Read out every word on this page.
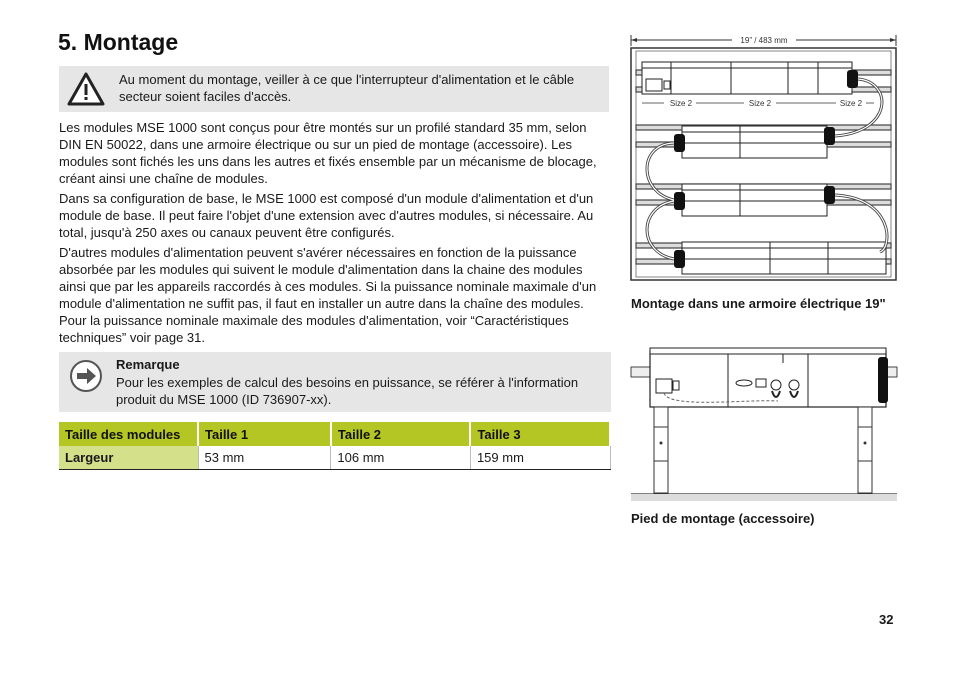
5. Montage
Au moment du montage, veiller à ce que l'interrupteur d'alimentation et le câble secteur soient faciles d'accès.

Les modules MSE 1000 sont conçus pour être montés sur un profilé standard 35 mm, selon DIN EN 50022, dans une armoire électrique ou sur un pied de montage (accessoire). Les modules sont fichés les uns dans les autres et fixés ensemble par un mécanisme de blocage, créant ainsi une chaîne de modules.

Dans sa configuration de base, le MSE 1000 est composé d'un module d'alimentation et d'un module de base. Il peut faire l'objet d'une extension avec d'autres modules, si nécessaire. Au total, jusqu'à 250 axes ou canaux peuvent être configurés.

D'autres modules d'alimentation peuvent s'avérer nécessaires en fonction de la puissance absorbée par les modules qui suivent le module d'alimentation dans la chaine des modules ainsi que par les appareils raccordés à ces modules. Si la puissance nominale maximale d'un module d'alimentation ne suffit pas, il faut en installer un autre dans la chaîne des modules. Pour la puissance nominale maximale des modules d'alimentation, voir “Caractéristiques techniques” voir page 31.

Remarque
Pour les exemples de calcul des besoins en puissance, se référer à l'information produit du MSE 1000 (ID 736907-xx).
Taille des modules	Taille 1	Taille 2	Taille 3
Largeur	53 mm	106 mm	159 mm
19” / 483 mm
Size 2	Size 2	Size 2
Montage dans une armoire électrique 19"
Pied de montage (accessoire)
32
